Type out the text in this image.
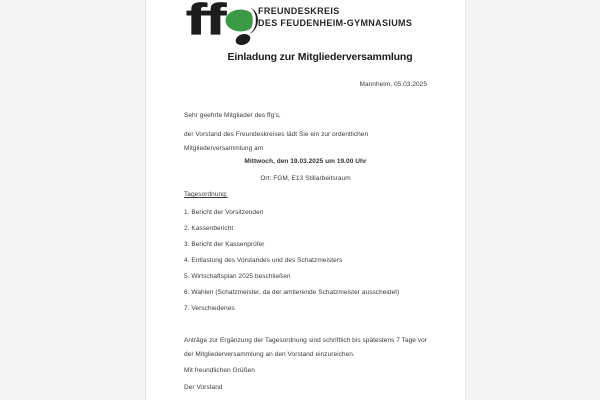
ff	FREUNDESKREIS
DES FEUDENHEIM-GYMNASIUMS
Einladung zur Mitgliederversammlung

Mannheim, 05.03.2025

Sehr geehrte Mitglieder des ffg's,

der Vorstand des Freundeskreises lädt Sie ein zur ordentlichen

Mitgliederversammlung am

Mittwoch, den 19.03.2025 um 19.00 Uhr

Ort: FGM, E13 Stillarbeitsraum

Tagesordnung:

1. Bericht der Vorsitzenden

2. Kassenbericht

3. Bericht der Kassenprüfer

4. Entlastung des Vorstandes und des Schatzmeisters

5. Wirtschaftsplan 2025 beschließen

6. Wahlen (Schatzmeister, da der amtierende Schatzmeister ausscheidet)

7. Verschiedenes

Anträge zur Ergänzung der Tagesordnung sind schriftlich bis spätestens 7 Tage vor

der Mitgliederversammlung an den Vorstand einzureichen.

Mit freundlichen Grüßen

Der Vorstand
